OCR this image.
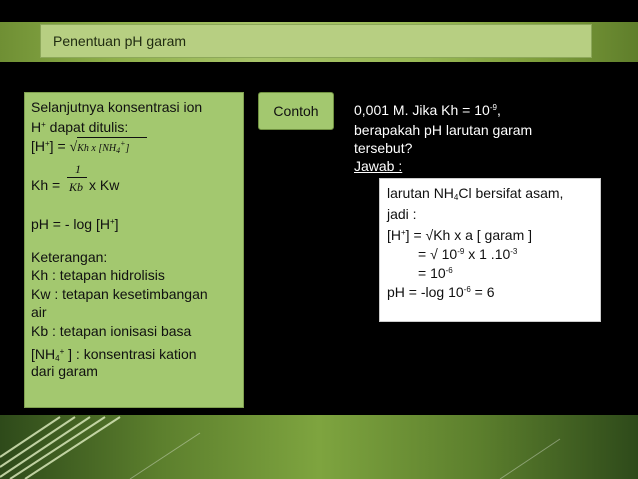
Penentuan pH garam
Selanjutnya konsentrasi ion
H+ dapat ditulis:
[H+] = √Kh x $[NH_4^+]$
1
Kh = Kb x Kw
pH = - log [H+]
Keterangan:
Kh : tetapan hidrolisis
Kw : tetapan kesetimbangan
air
Kb : tetapan ionisasi basa
[$NH_4^+$ ] : konsentrasi kation
dari garam
Contoh	0,001 M. Jika $Kh = 10^{-9}$,
berapakah pH larutan garam
tersebut?
Jawab :
larutan $NH_4Cl$ bersifat asam,
jadi :
[H+] = √Kh x a [ garam ]
= √ $10^{-9}$ x 1 $.10^{-3}$
= $10^{-6}$
pH = -log $10^{-6} = 6$
